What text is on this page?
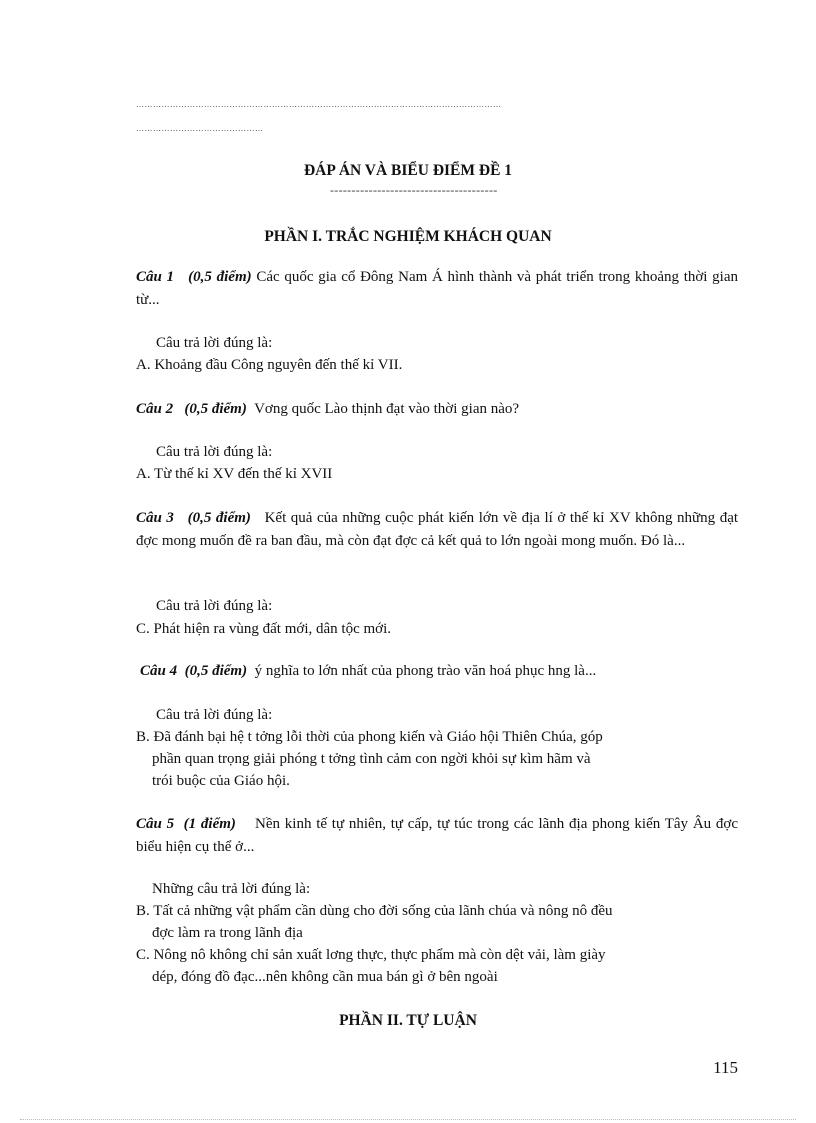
…………………………………………………………………………………………………………………
………………………………………
ĐÁP ÁN VÀ BIỂU ĐIỂM ĐỀ 1
---------------------------------------
PHẦN I. TRẮC NGHIỆM KHÁCH QUAN
Câu 1 (0,5 điểm) Các quốc gia cổ Đông Nam Á hình thành và phát triển trong khoảng thời gian từ...
Câu trả lời đúng là:
A. Khoảng đầu Công nguyên đến thế kỉ VII.
Câu 2 (0,5 điểm) Vơng quốc Lào thịnh đạt vào thời gian nào?
Câu trả lời đúng là:
A. Từ thế kỉ XV đến thế kỉ XVII
Câu 3 (0,5 điểm) Kết quả của những cuộc phát kiến lớn về địa lí ở thế kỉ XV không những đạt đợc mong muốn đề ra ban đầu, mà còn đạt đợc cả kết quả to lớn ngoài mong muốn. Đó là...
Câu trả lời đúng là:
C. Phát hiện ra vùng đất mới, dân tộc mới.
Câu 4 (0,5 điểm) ý nghĩa to lớn nhất của phong trào văn hoá phục hng là...
Câu trả lời đúng là:
B. Đã đánh bại hệ t tởng lỗi thời của phong kiến và Giáo hội Thiên Chúa, góp
phần quan trọng giải phóng t tởng tình cảm con ngời khỏi sự kìm hãm và
trói buộc của Giáo hội.
Câu 5 (1 điểm) Nền kinh tế tự nhiên, tự cấp, tự túc trong các lãnh địa phong kiến Tây Âu đợc biểu hiện cụ thể ở...
Những câu trả lời đúng là:
B. Tất cả những vật phẩm cần dùng cho đời sống của lãnh chúa và nông nô đều
đợc làm ra trong lãnh địa
C. Nông nô không chỉ sản xuất lơng thực, thực phẩm mà còn dệt vải, làm giày
dép, đóng đồ đạc...nên không cần mua bán gì ở bên ngoài
PHẦN II. TỰ LUẬN
115
